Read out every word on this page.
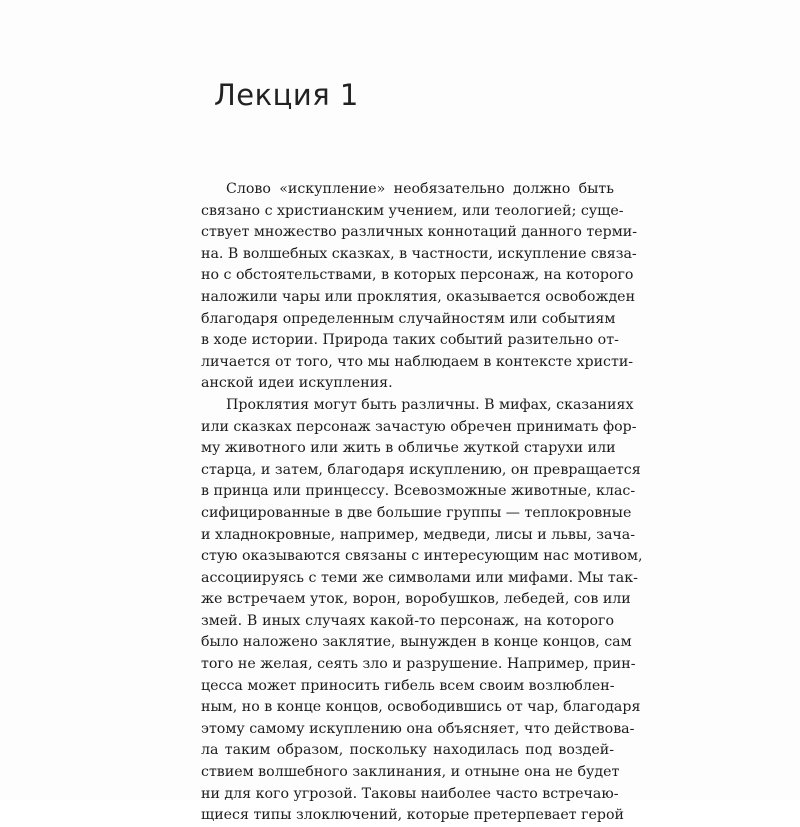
Лекция 1
Слово «искупление» необязательно должно быть
связано с христианским учением, или теологией; суще-
ствует множество различных коннотаций данного терми-
на. В волшебных сказках, в частности, искупление связа-
но с обстоятельствами, в которых персонаж, на которого
наложили чары или проклятия, оказывается освобожден
благодаря определенным случайностям или событиям
в ходе истории. Природа таких событий разительно от-
личается от того, что мы наблюдаем в контексте христи-
анской идеи искупления.
Проклятия могут быть различны. В мифах, сказаниях
или сказках персонаж зачастую обречен принимать фор-
му животного или жить в обличье жуткой старухи или
старца, и затем, благодаря искуплению, он превращается
в принца или принцессу. Всевозможные животные, клас-
сифицированные в две большие группы — теплокровные
и хладнокровные, например, медведи, лисы и львы, зача-
стую оказываются связаны с интересующим нас мотивом,
ассоциируясь с теми же символами или мифами. Мы так-
же встречаем уток, ворон, воробушков, лебедей, сов или
змей. В иных случаях какой-то персонаж, на которого
было наложено заклятие, вынужден в конце концов, сам
того не желая, сеять зло и разрушение. Например, прин-
цесса может приносить гибель всем своим возлюблен-
ным, но в конце концов, освободившись от чар, благодаря
этому самому искуплению она объясняет, что действова-
ла таким образом, поскольку находилась под воздей-
ствием волшебного заклинания, и отныне она не будет
ни для кого угрозой. Таковы наиболее часто встречаю-
щиеся типы злоключений, которые претерпевает герой
